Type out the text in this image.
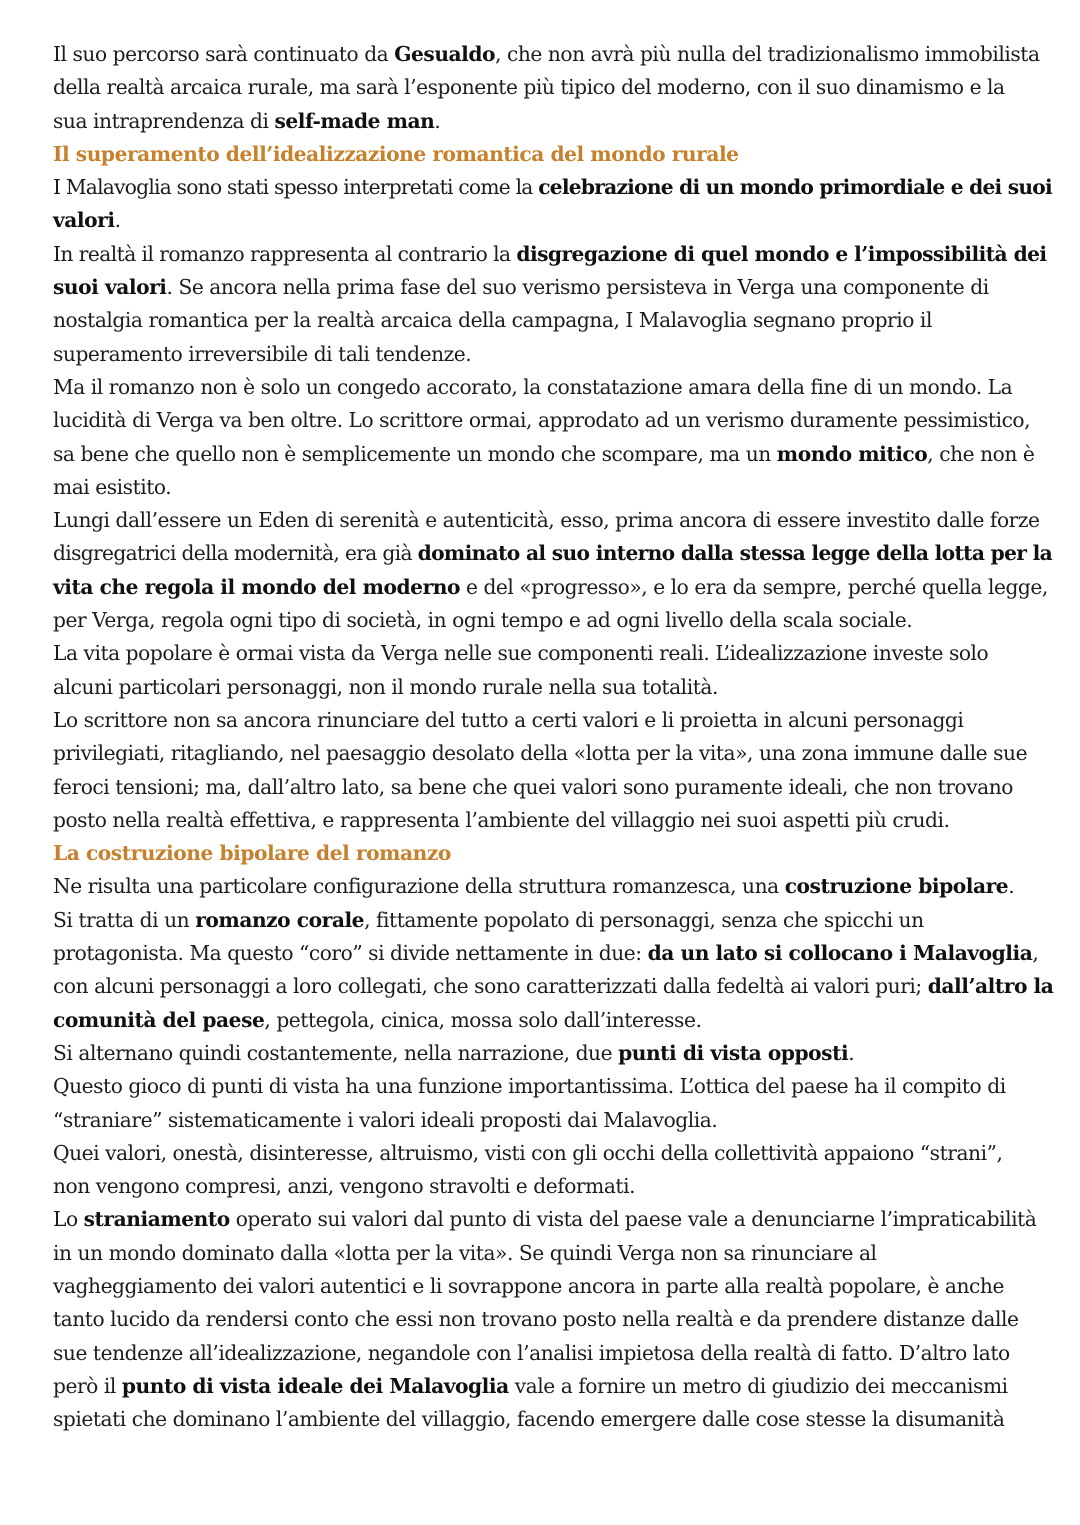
Il suo percorso sarà continuato da Gesualdo, che non avrà più nulla del tradizionalismo immobilista
della realtà arcaica rurale, ma sarà l’esponente più tipico del moderno, con il suo dinamismo e la
sua intraprendenza di self-made man.
Il superamento dell’idealizzazione romantica del mondo rurale
I Malavoglia sono stati spesso interpretati come la celebrazione di un mondo primordiale e dei suoi
valori.
In realtà il romanzo rappresenta al contrario la disgregazione di quel mondo e l’impossibilità dei
suoi valori. Se ancora nella prima fase del suo verismo persisteva in Verga una componente di
nostalgia romantica per la realtà arcaica della campagna, I Malavoglia segnano proprio il
superamento irreversibile di tali tendenze.
Ma il romanzo non è solo un congedo accorato, la constatazione amara della fine di un mondo. La
lucidità di Verga va ben oltre. Lo scrittore ormai, approdato ad un verismo duramente pessimistico,
sa bene che quello non è semplicemente un mondo che scompare, ma un mondo mitico, che non è
mai esistito.
Lungi dall’essere un Eden di serenità e autenticità, esso, prima ancora di essere investito dalle forze
disgregatrici della modernità, era già dominato al suo interno dalla stessa legge della lotta per la
vita che regola il mondo del moderno e del «progresso», e lo era da sempre, perché quella legge,
per Verga, regola ogni tipo di società, in ogni tempo e ad ogni livello della scala sociale.
La vita popolare è ormai vista da Verga nelle sue componenti reali. L’idealizzazione investe solo
alcuni particolari personaggi, non il mondo rurale nella sua totalità.
Lo scrittore non sa ancora rinunciare del tutto a certi valori e li proietta in alcuni personaggi
privilegiati, ritagliando, nel paesaggio desolato della «lotta per la vita», una zona immune dalle sue
feroci tensioni; ma, dall’altro lato, sa bene che quei valori sono puramente ideali, che non trovano
posto nella realtà effettiva, e rappresenta l’ambiente del villaggio nei suoi aspetti più crudi.
La costruzione bipolare del romanzo
Ne risulta una particolare configurazione della struttura romanzesca, una costruzione bipolare.
Si tratta di un romanzo corale, fittamente popolato di personaggi, senza che spicchi un
protagonista. Ma questo “coro” si divide nettamente in due: da un lato si collocano i Malavoglia,
con alcuni personaggi a loro collegati, che sono caratterizzati dalla fedeltà ai valori puri; dall’altro la
comunità del paese, pettegola, cinica, mossa solo dall’interesse.
Si alternano quindi costantemente, nella narrazione, due punti di vista opposti.
Questo gioco di punti di vista ha una funzione importantissima. L’ottica del paese ha il compito di
“straniare” sistematicamente i valori ideali proposti dai Malavoglia.
Quei valori, onestà, disinteresse, altruismo, visti con gli occhi della collettività appaiono “strani”,
non vengono compresi, anzi, vengono stravolti e deformati.
Lo straniamento operato sui valori dal punto di vista del paese vale a denunciarne l’impraticabilità
in un mondo dominato dalla «lotta per la vita». Se quindi Verga non sa rinunciare al
vagheggiamento dei valori autentici e li sovrappone ancora in parte alla realtà popolare, è anche
tanto lucido da rendersi conto che essi non trovano posto nella realtà e da prendere distanze dalle
sue tendenze all’idealizzazione, negandole con l’analisi impietosa della realtà di fatto. D’altro lato
però il punto di vista ideale dei Malavoglia vale a fornire un metro di giudizio dei meccanismi
spietati che dominano l’ambiente del villaggio, facendo emergere dalle cose stesse la disumanità
